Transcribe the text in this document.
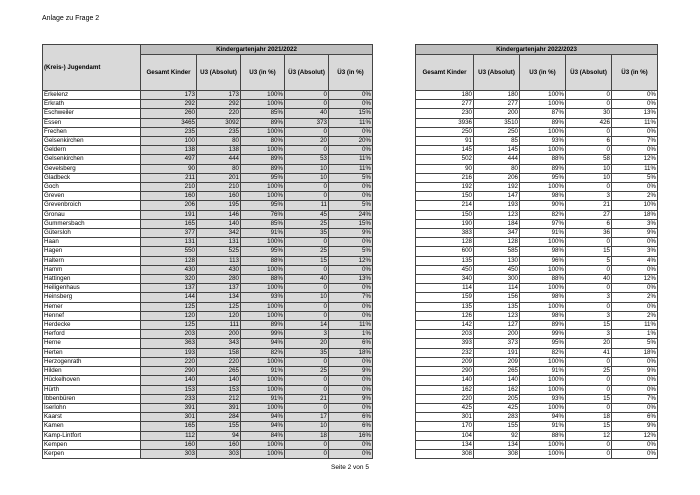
Anlage zu Frage 2
(Kreis-) Jugendamt	Kindergartenjahr 2021/2022				
	Gesamt Kinder	U3 (Absolut)	U3 (in %)	Ü3 (Absolut)	Ü3 (in %)
Erkelenz	173	173	100%	0	0%
Erkrath	292	292	100%	0	0%
Eschweiler	260	220	85%	40	15%
Essen	3465	3092	89%	373	11%
Frechen	235	235	100%	0	0%
Gelsenkirchen	100	80	80%	20	20%
Geldern	138	138	100%	0	0%
Gelsenkirchen	497	444	89%	53	11%
Gevelsberg	90	80	89%	10	11%
Gladbeck	211	201	95%	10	5%
Goch	210	210	100%	0	0%
Greven	160	160	100%	0	0%
Grevenbroich	206	195	95%	11	5%
Gronau	191	146	76%	45	24%
Gummersbach	165	140	85%	25	15%
Gütersloh	377	342	91%	35	9%
Haan	131	131	100%	0	0%
Hagen	550	525	95%	25	5%
Haltern	128	113	88%	15	12%
Hamm	430	430	100%	0	0%
Hattingen	320	280	88%	40	13%
Heiligenhaus	137	137	100%	0	0%
Heinsberg	144	134	93%	10	7%
Hemer	125	125	100%	0	0%
Hennef	120	120	100%	0	0%
Herdecke	125	111	89%	14	11%
Herford	203	200	99%	3	1%
Herne	363	343	94%	20	6%
Herten	193	158	82%	35	18%
Herzogenrath	220	220	100%	0	0%
Hilden	290	265	91%	25	9%
Hückelhoven	140	140	100%	0	0%
Hürth	153	153	100%	0	0%
Ibbenbüren	233	212	91%	21	9%
Iserlohn	391	391	100%	0	0%
Kaarst	301	284	94%	17	6%
Kamen	165	155	94%	10	6%
Kamp-Lintfort	112	94	84%	18	16%
Kempen	160	160	100%	0	0%
Kerpen	303	303	100%	0	0%
Kindergartenjahr 2022/2023				
Gesamt Kinder	U3 (Absolut)	U3 (in %)	Ü3 (Absolut)	Ü3 (in %)
180	180	100%	0	0%
277	277	100%	0	0%
230	200	87%	30	13%
3936	3510	89%	426	11%
250	250	100%	0	0%
91	85	93%	6	7%
145	145	100%	0	0%
502	444	88%	58	12%
90	80	89%	10	11%
216	206	95%	10	5%
192	192	100%	0	0%
150	147	98%	3	2%
214	193	90%	21	10%
150	123	82%	27	18%
190	184	97%	6	3%
383	347	91%	36	9%
128	128	100%	0	0%
600	585	98%	15	3%
135	130	96%	5	4%
450	450	100%	0	0%
340	300	88%	40	12%
114	114	100%	0	0%
159	156	98%	3	2%
135	135	100%	0	0%
126	123	98%	3	2%
142	127	89%	15	11%
203	200	99%	3	1%
393	373	95%	20	5%
232	191	82%	41	18%
209	209	100%	0	0%
290	265	91%	25	9%
140	140	100%	0	0%
162	162	100%	0	0%
220	205	93%	15	7%
425	425	100%	0	0%
301	283	94%	18	6%
170	155	91%	15	9%
104	92	88%	12	12%
134	134	100%	0	0%
308	308	100%	0	0%
Seite 2 von 5
